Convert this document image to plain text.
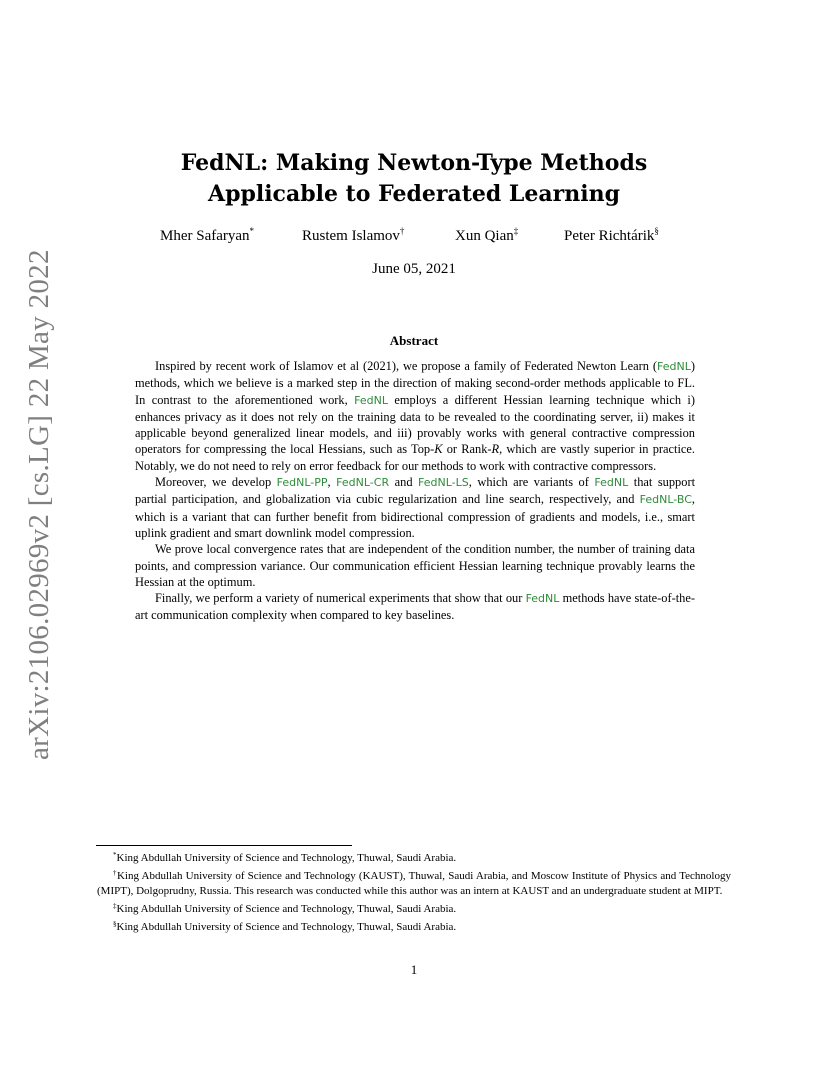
arXiv:2106.02969v2 [cs.LG] 22 May 2022
FedNL: Making Newton-Type Methods
Applicable to Federated Learning
Mher Safaryan*	Rustem Islamov†	Xun Qian‡	Peter Richtárik§
June 05, 2021
Abstract

Inspired by recent work of Islamov et al (2021), we propose a family of Federated Newton Learn (FedNL) methods, which we believe is a marked step in the direction of making second-order methods applicable to FL. In contrast to the aforementioned work, FedNL employs a different Hessian learning technique which i) enhances privacy as it does not rely on the training data to be revealed to the coordinating server, ii) makes it applicable beyond generalized linear models, and iii) provably works with general contractive compression operators for compressing the local Hessians, such as Top-K or Rank-R, which are vastly superior in practice. Notably, we do not need to rely on error feedback for our methods to work with contractive compressors.

Moreover, we develop FedNL-PP, FedNL-CR and FedNL-LS, which are variants of FedNL that support partial participation, and globalization via cubic regularization and line search, respectively, and FedNL-BC, which is a variant that can further benefit from bidirectional compression of gradients and models, i.e., smart uplink gradient and smart downlink model compression.

We prove local convergence rates that are independent of the condition number, the number of training data points, and compression variance. Our communication efficient Hessian learning technique provably learns the Hessian at the optimum.

Finally, we perform a variety of numerical experiments that show that our FedNL methods have state-of-the-art communication complexity when compared to key baselines.

*King Abdullah University of Science and Technology, Thuwal, Saudi Arabia.

†King Abdullah University of Science and Technology (KAUST), Thuwal, Saudi Arabia, and Moscow Institute of Physics and Technology (MIPT), Dolgoprudny, Russia. This research was conducted while this author was an intern at KAUST and an undergraduate student at MIPT.

‡King Abdullah University of Science and Technology, Thuwal, Saudi Arabia.

§King Abdullah University of Science and Technology, Thuwal, Saudi Arabia.

1
